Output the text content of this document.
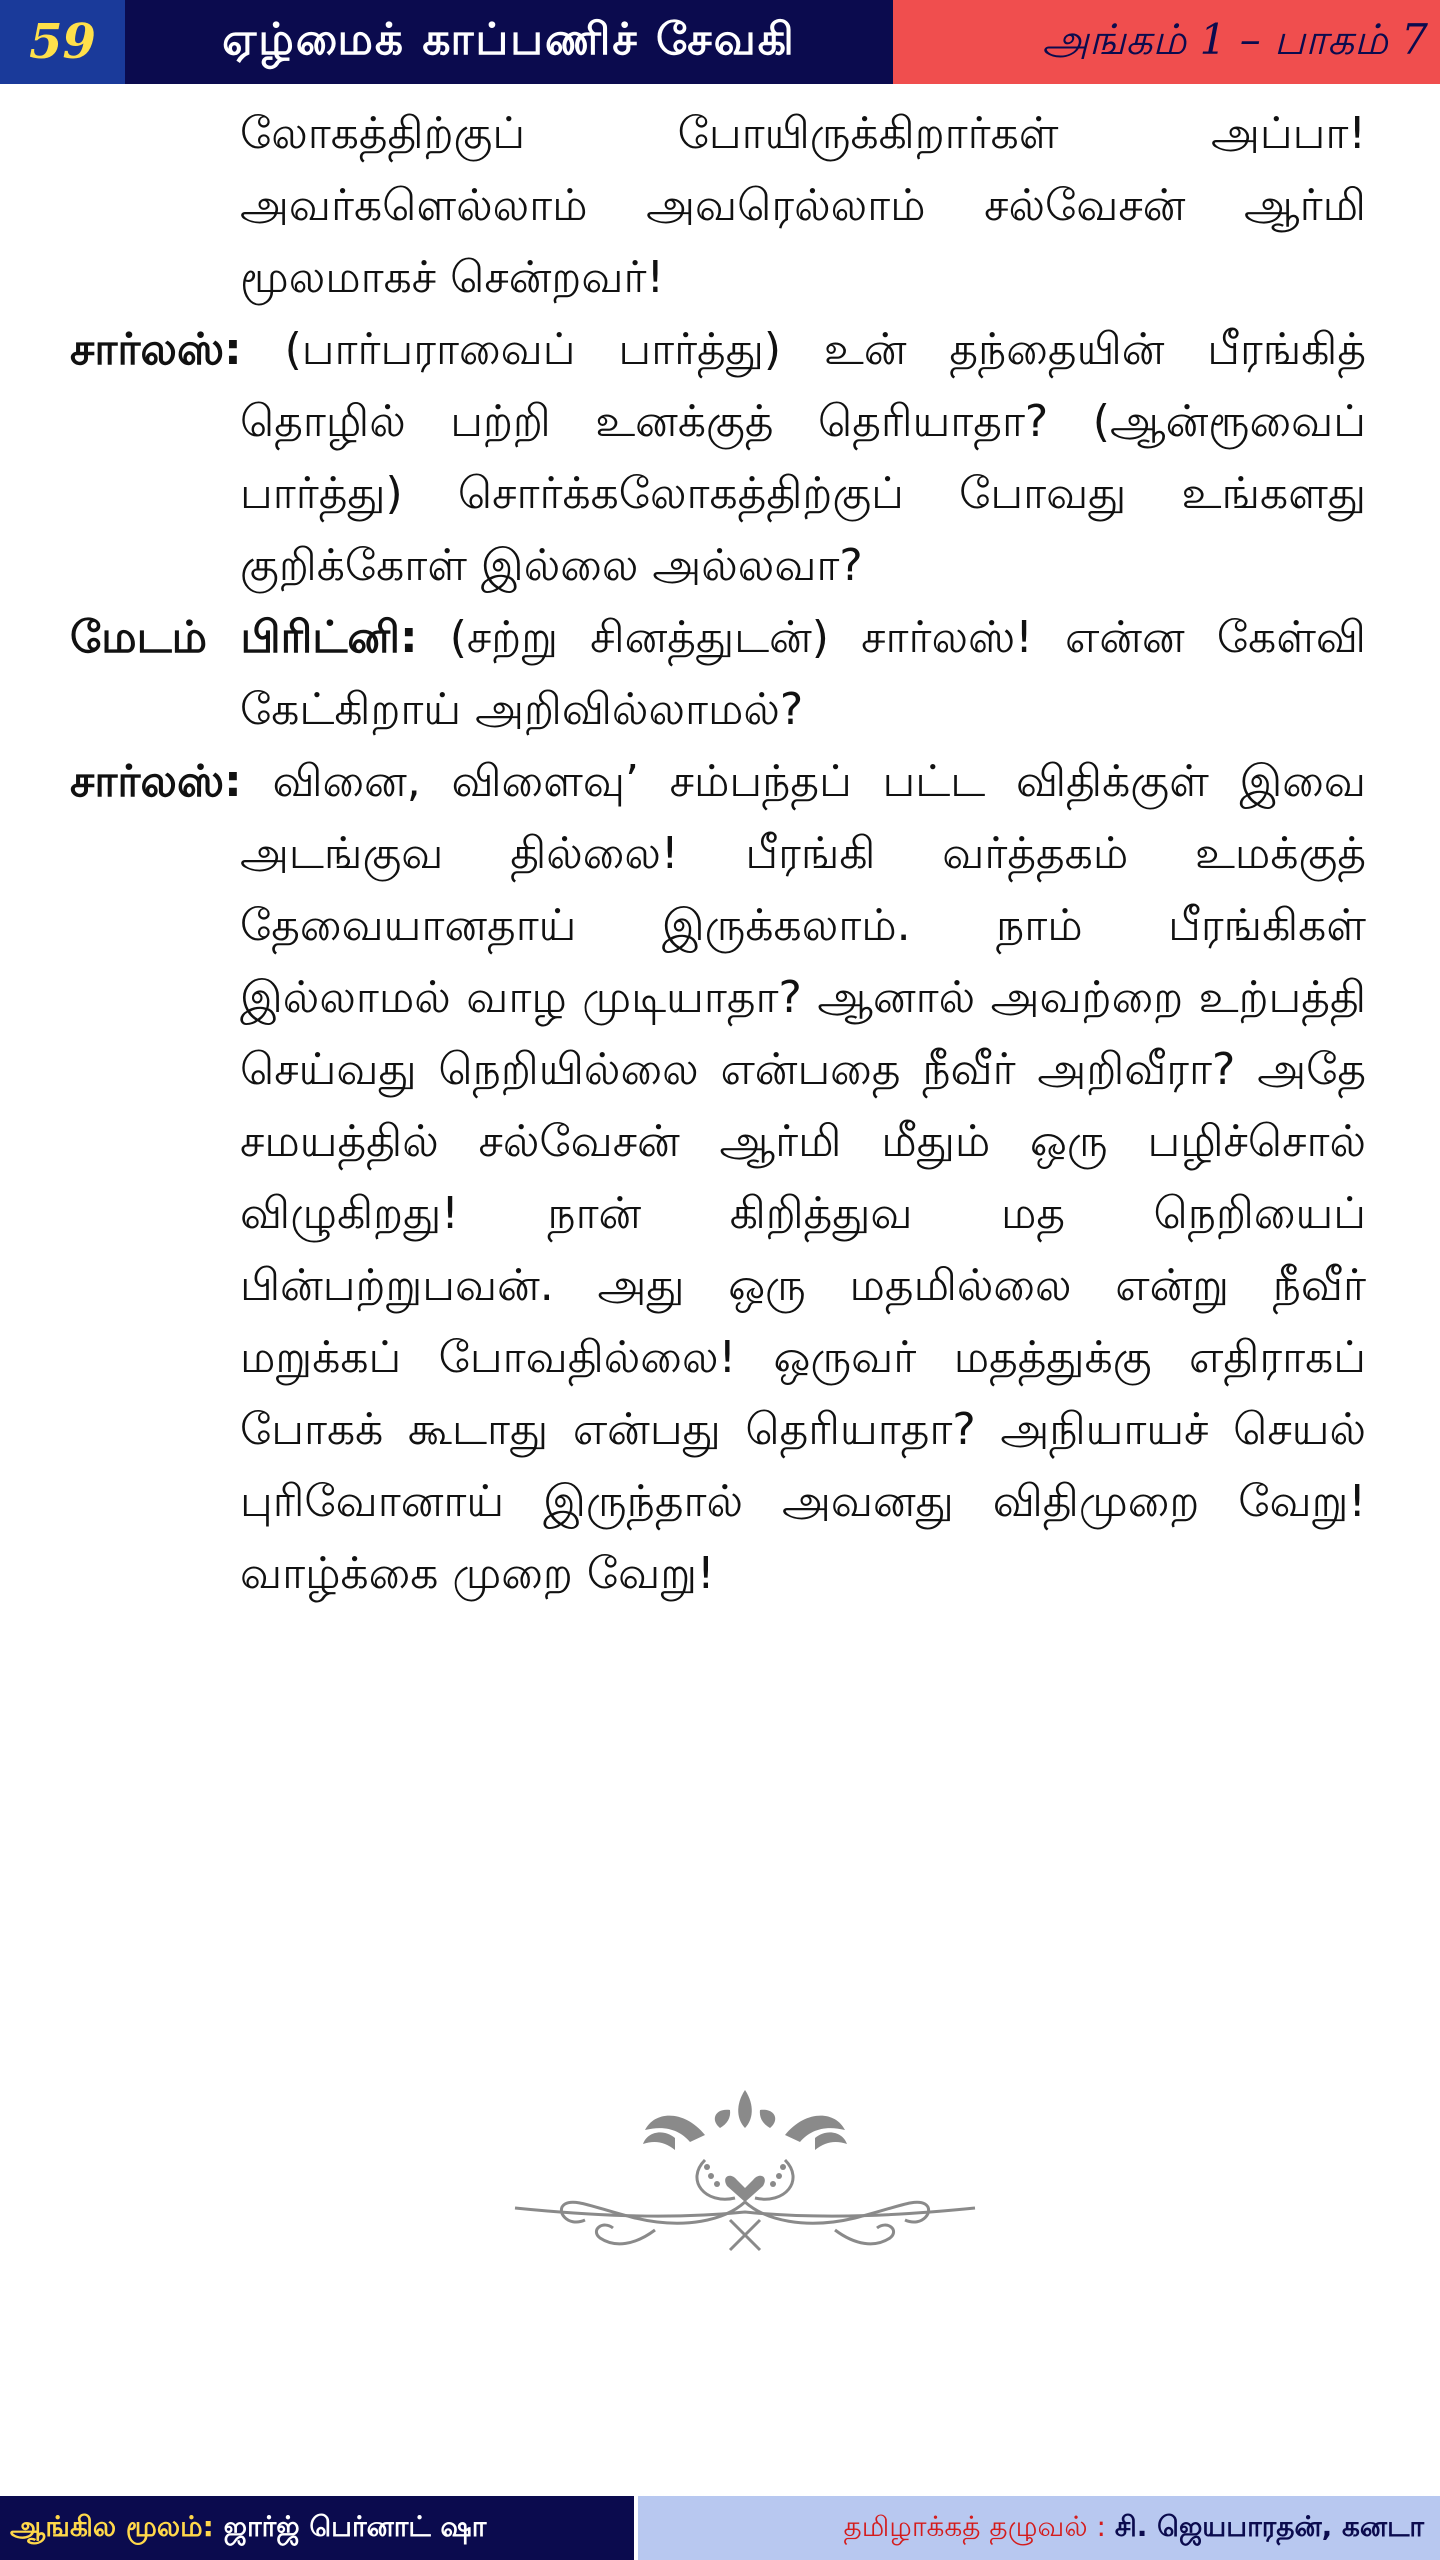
59	ஏழ்மைக் காப்பணிச் சேவகி	அங்கம் 1 – பாகம் 7

லோகத்திற்குப் போயிருக்கிறார்கள் அப்பா! அவர்களெல்லாம் அவரெல்லாம் சல்வேசன் ஆர்மி மூலமாகச் சென்றவர்!

சார்லஸ்: (பார்பராவைப் பார்த்து) உன் தந்தையின் பீரங்கித் தொழில் பற்றி உனக்குத் தெரியாதா? (ஆன்ரூவைப் பார்த்து) சொர்க்கலோகத்திற்குப் போவது உங்களது குறிக்கோள் இல்லை அல்லவா?

மேடம் பிரிட்னி: (சற்று சினத்துடன்) சார்லஸ்! என்ன கேள்வி கேட்கிறாய் அறிவில்லாமல்?

சார்லஸ்: வினை, விளைவு’ சம்பந்தப் பட்ட விதிக்குள் இவை அடங்குவ தில்லை! பீரங்கி வர்த்தகம் உமக்குத் தேவையானதாய் இருக்கலாம். நாம் பீரங்கிகள் இல்லாமல் வாழ முடியாதா? ஆனால் அவற்றை உற்பத்தி செய்வது நெறியில்லை என்பதை நீவீர் அறிவீரா? அதே சமயத்தில் சல்வேசன் ஆர்மி மீதும் ஒரு பழிச்சொல் விழுகிறது! நான் கிறித்துவ மத நெறியைப் பின்பற்றுபவன். அது ஒரு மதமில்லை என்று நீவீர் மறுக்கப் போவதில்லை! ஒருவர் மதத்துக்கு எதிராகப் போகக் கூடாது என்பது தெரியாதா? அநியாயச் செயல் புரிவோனாய் இருந்தால் அவனது விதிமுறை வேறு! வாழ்க்கை முறை வேறு!

ஆங்கில மூலம்:
ஜார்ஜ் பெர்னாட் ஷா	தமிழாக்கத் தழுவல் :
சி. ஜெயபாரதன், கனடா
